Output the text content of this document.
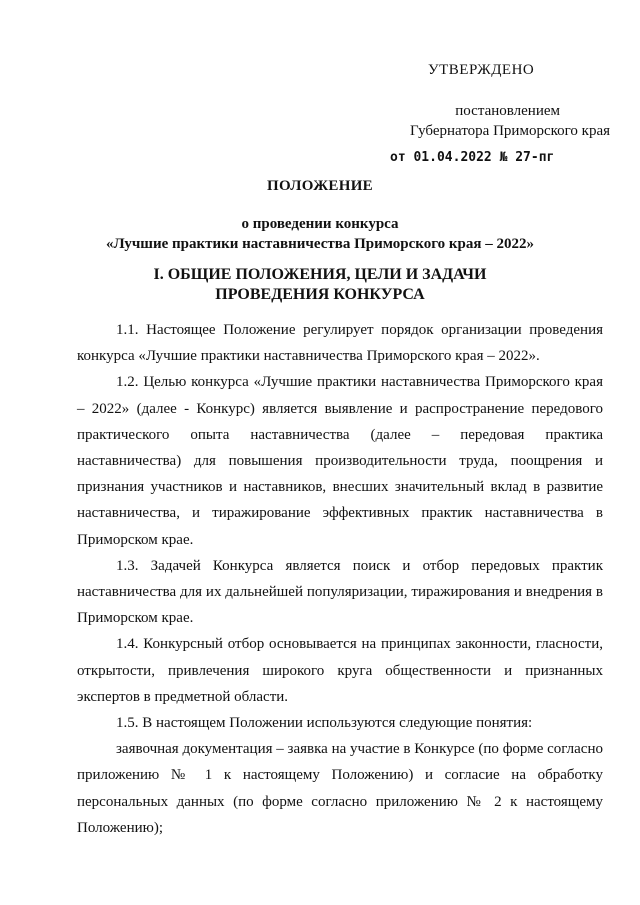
УТВЕРЖДЕНО
постановлением
Губернатора Приморского края
от 01.04.2022 № 27-пг
ПОЛОЖЕНИЕ
о проведении конкурса
«Лучшие практики наставничества Приморского края – 2022»
I. ОБЩИЕ ПОЛОЖЕНИЯ, ЦЕЛИ И ЗАДАЧИ
ПРОВЕДЕНИЯ КОНКУРСА

1.1. Настоящее Положение регулирует порядок организации проведения конкурса «Лучшие практики наставничества Приморского края – 2022».

1.2. Целью конкурса «Лучшие практики наставничества Приморского края – 2022» (далее - Конкурс) является выявление и распространение передового практического опыта наставничества (далее – передовая практика наставничества) для повышения производительности труда, поощрения и признания участников и наставников, внесших значительный вклад в развитие наставничества, и тиражирование эффективных практик наставничества в Приморском крае.

1.3. Задачей Конкурса является поиск и отбор передовых практик наставничества для их дальнейшей популяризации, тиражирования и внедрения в Приморском крае.

1.4. Конкурсный отбор основывается на принципах законности, гласности, открытости, привлечения широкого круга общественности и признанных экспертов в предметной области.

1.5. В настоящем Положении используются следующие понятия:

заявочная документация – заявка на участие в Конкурсе (по форме согласно приложению № 1 к настоящему Положению) и согласие на обработку персональных данных (по форме согласно приложению № 2 к настоящему Положению);
